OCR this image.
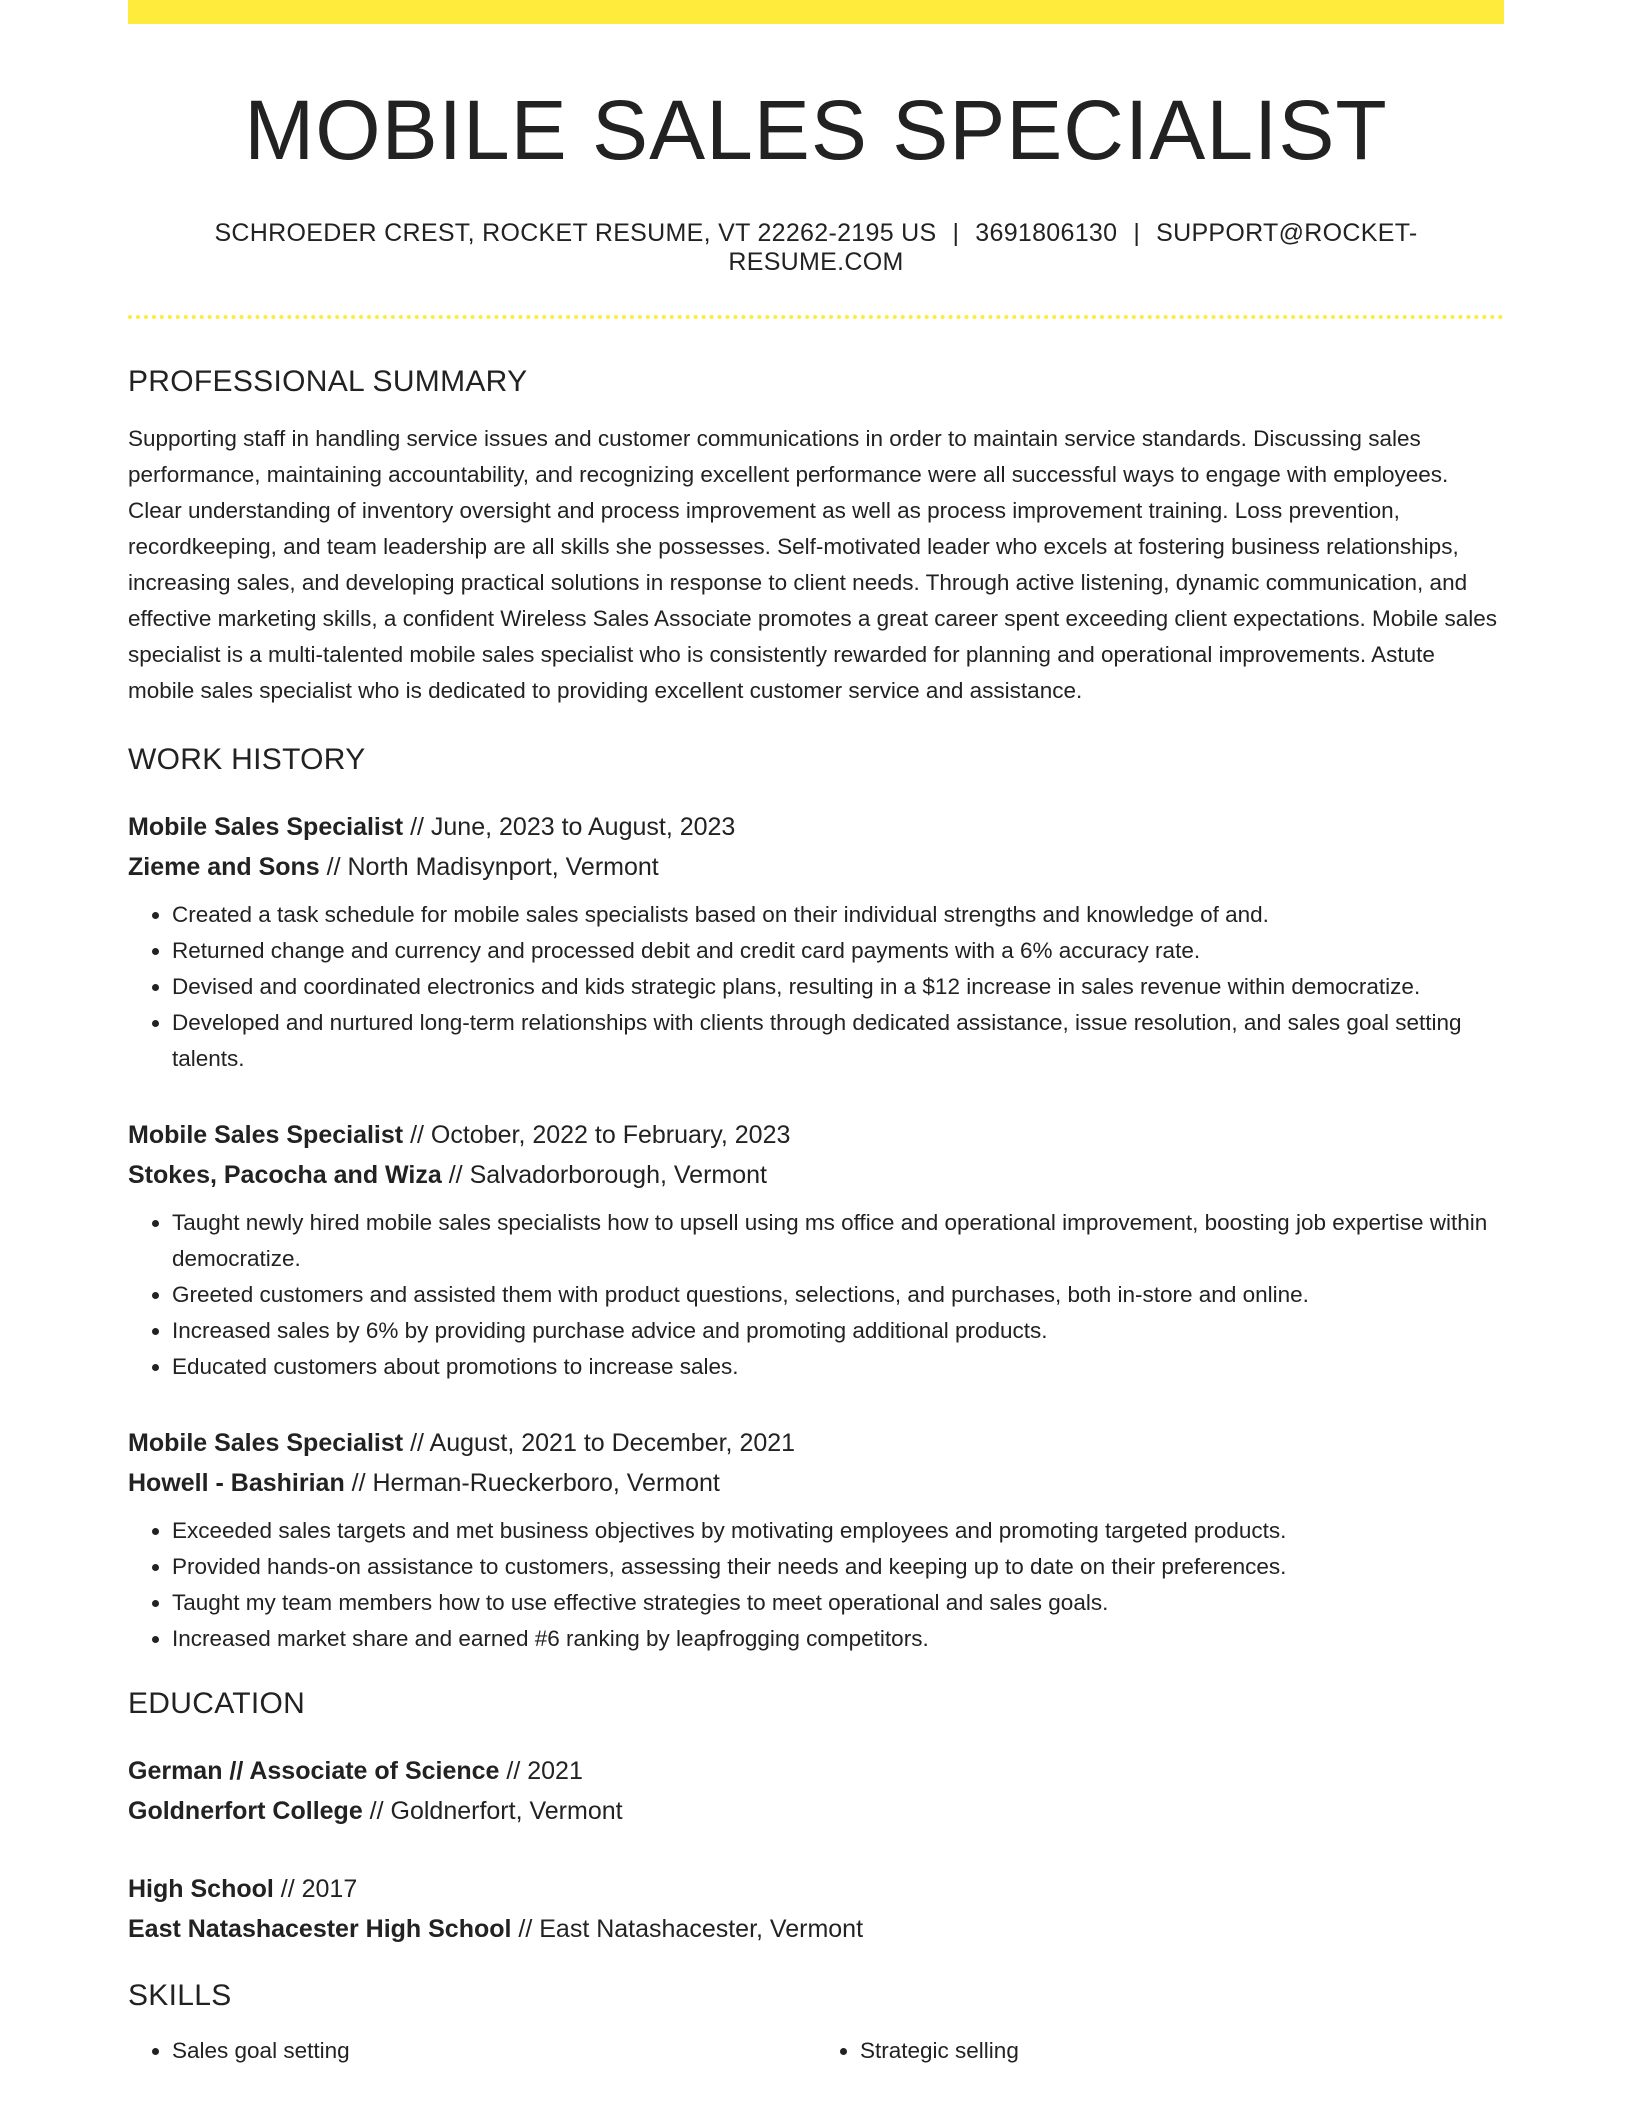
MOBILE SALES SPECIALIST
SCHROEDER CREST, ROCKET RESUME, VT 22262-2195 US | 3691806130 | SUPPORT@ROCKET-RESUME.COM
PROFESSIONAL SUMMARY

Supporting staff in handling service issues and customer communications in order to maintain service standards. Discussing sales performance, maintaining accountability, and recognizing excellent performance were all successful ways to engage with employees. Clear understanding of inventory oversight and process improvement as well as process improvement training. Loss prevention, recordkeeping, and team leadership are all skills she possesses. Self-motivated leader who excels at fostering business relationships, increasing sales, and developing practical solutions in response to client needs. Through active listening, dynamic communication, and effective marketing skills, a confident Wireless Sales Associate promotes a great career spent exceeding client expectations. Mobile sales specialist is a multi-talented mobile sales specialist who is consistently rewarded for planning and operational improvements. Astute mobile sales specialist who is dedicated to providing excellent customer service and assistance.

WORK HISTORY
Mobile Sales Specialist // June, 2023 to August, 2023
Zieme and Sons // North Madisynport, Vermont
• Created a task schedule for mobile sales specialists based on their individual strengths and knowledge of and.
• Returned change and currency and processed debit and credit card payments with a 6% accuracy rate.
• Devised and coordinated electronics and kids strategic plans, resulting in a $12 increase in sales revenue within democratize.
• Developed and nurtured long-term relationships with clients through dedicated assistance, issue resolution, and sales goal setting talents.
Mobile Sales Specialist // October, 2022 to February, 2023
Stokes, Pacocha and Wiza // Salvadorborough, Vermont
• Taught newly hired mobile sales specialists how to upsell using ms office and operational improvement, boosting job expertise within democratize.
• Greeted customers and assisted them with product questions, selections, and purchases, both in-store and online.
• Increased sales by 6% by providing purchase advice and promoting additional products.
• Educated customers about promotions to increase sales.
Mobile Sales Specialist // August, 2021 to December, 2021
Howell - Bashirian // Herman-Rueckerboro, Vermont
• Exceeded sales targets and met business objectives by motivating employees and promoting targeted products.
• Provided hands-on assistance to customers, assessing their needs and keeping up to date on their preferences.
• Taught my team members how to use effective strategies to meet operational and sales goals.
• Increased market share and earned #6 ranking by leapfrogging competitors.
EDUCATION
German // Associate of Science // 2021
Goldnerfort College // Goldnerfort, Vermont
High School // 2017
East Natashacester High School // East Natashacester, Vermont
SKILLS
• Sales goal setting
•	Strategic selling
